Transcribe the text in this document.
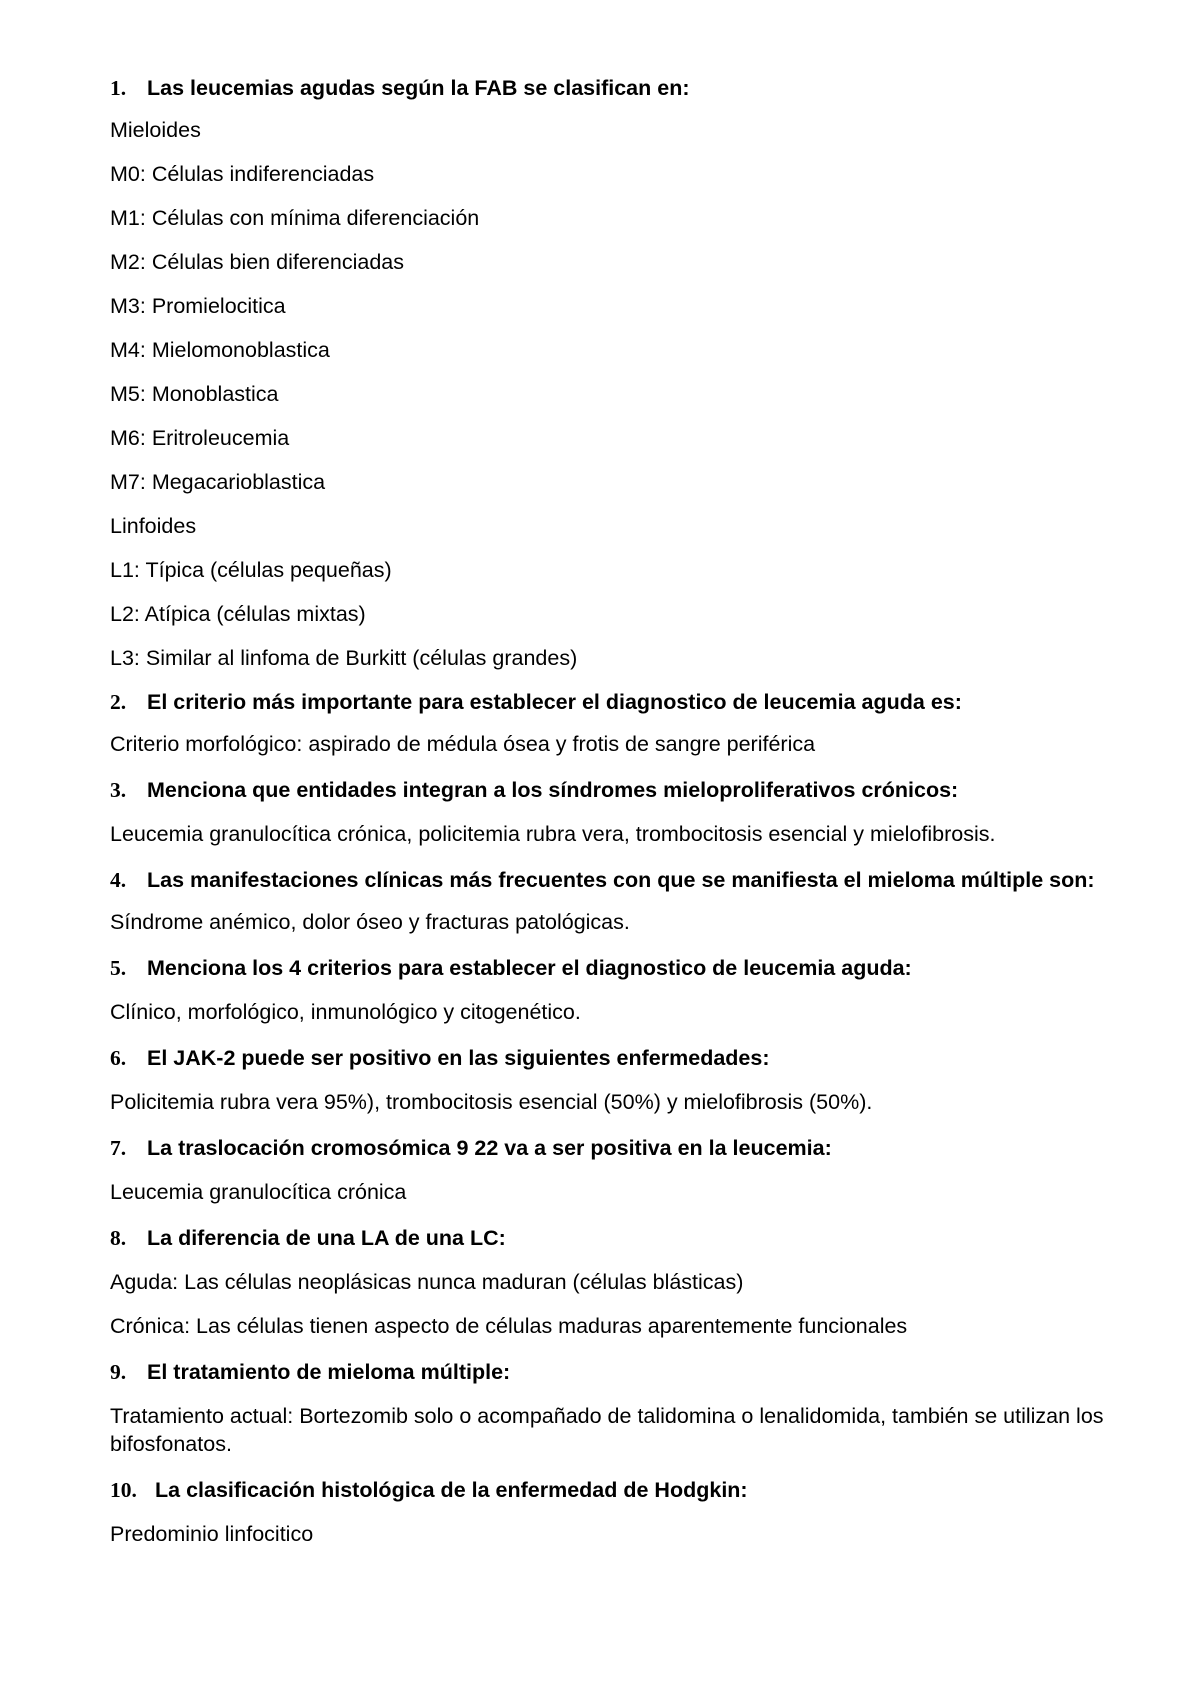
1. Las leucemias agudas según la FAB se clasifican en:

Mieloides

M0: Células indiferenciadas

M1: Células con mínima diferenciación

M2: Células bien diferenciadas

M3: Promielocitica

M4: Mielomonoblastica

M5: Monoblastica

M6: Eritroleucemia

M7: Megacarioblastica

Linfoides

L1: Típica (células pequeñas)

L2: Atípica (células mixtas)

L3: Similar al linfoma de Burkitt (células grandes)

2. El criterio más importante para establecer el diagnostico de leucemia aguda es:

Criterio morfológico: aspirado de médula ósea y frotis de sangre periférica

3. Menciona que entidades integran a los síndromes mieloproliferativos crónicos:

Leucemia granulocítica crónica, policitemia rubra vera, trombocitosis esencial y mielofibrosis.

4. Las manifestaciones clínicas más frecuentes con que se manifiesta el mieloma múltiple son:

Síndrome anémico, dolor óseo y fracturas patológicas.

5. Menciona los 4 criterios para establecer el diagnostico de leucemia aguda:

Clínico, morfológico, inmunológico y citogenético.

6. El JAK-2 puede ser positivo en las siguientes enfermedades:

Policitemia rubra vera 95%), trombocitosis esencial (50%) y mielofibrosis (50%).

7. La traslocación cromosómica 9 22 va a ser positiva en la leucemia:

Leucemia granulocítica crónica

8. La diferencia de una LA de una LC:

Aguda: Las células neoplásicas nunca maduran (células blásticas)

Crónica: Las células tienen aspecto de células maduras aparentemente funcionales

9. El tratamiento de mieloma múltiple:

Tratamiento actual: Bortezomib solo o acompañado de talidomina o lenalidomida, también se utilizan los bifosfonatos.

10. La clasificación histológica de la enfermedad de Hodgkin:

Predominio linfocitico
